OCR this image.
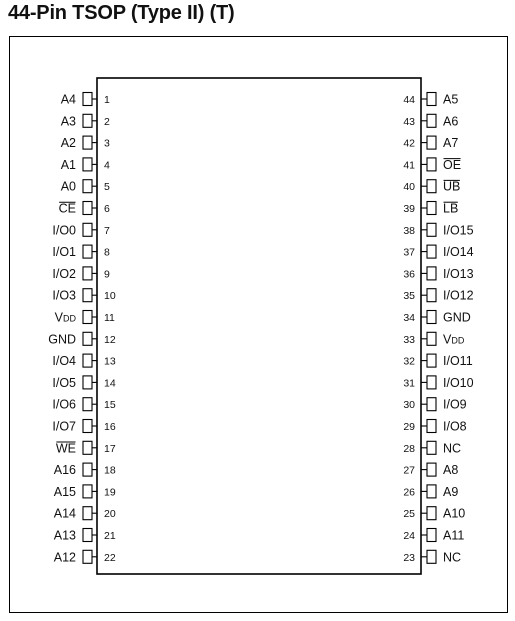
44-Pin TSOP (Type II) (T)
A4	1
A3	2
A2	3
A1	4
A0	5
CE	6
I/O0	7
I/O1	8
I/O2	9
I/O3	10
VDD	11
GND	12
I/O4	13
I/O5	14
I/O6	15
I/O7	16
WE	17
A16	18
A15	19
A14	20
A13	21
A12	22
44 A5
43 A6
42 A7
41 OE
40 UB
39 LB
38 I/O15
37 I/O14
36 I/O13
35 I/O12
34 GND
33 VDD
32 I/O11
31 I/O10
30 I/O9
29 I/O8
28 NC
27 A8
26 A9
25 A10
24 A11
23 NC
